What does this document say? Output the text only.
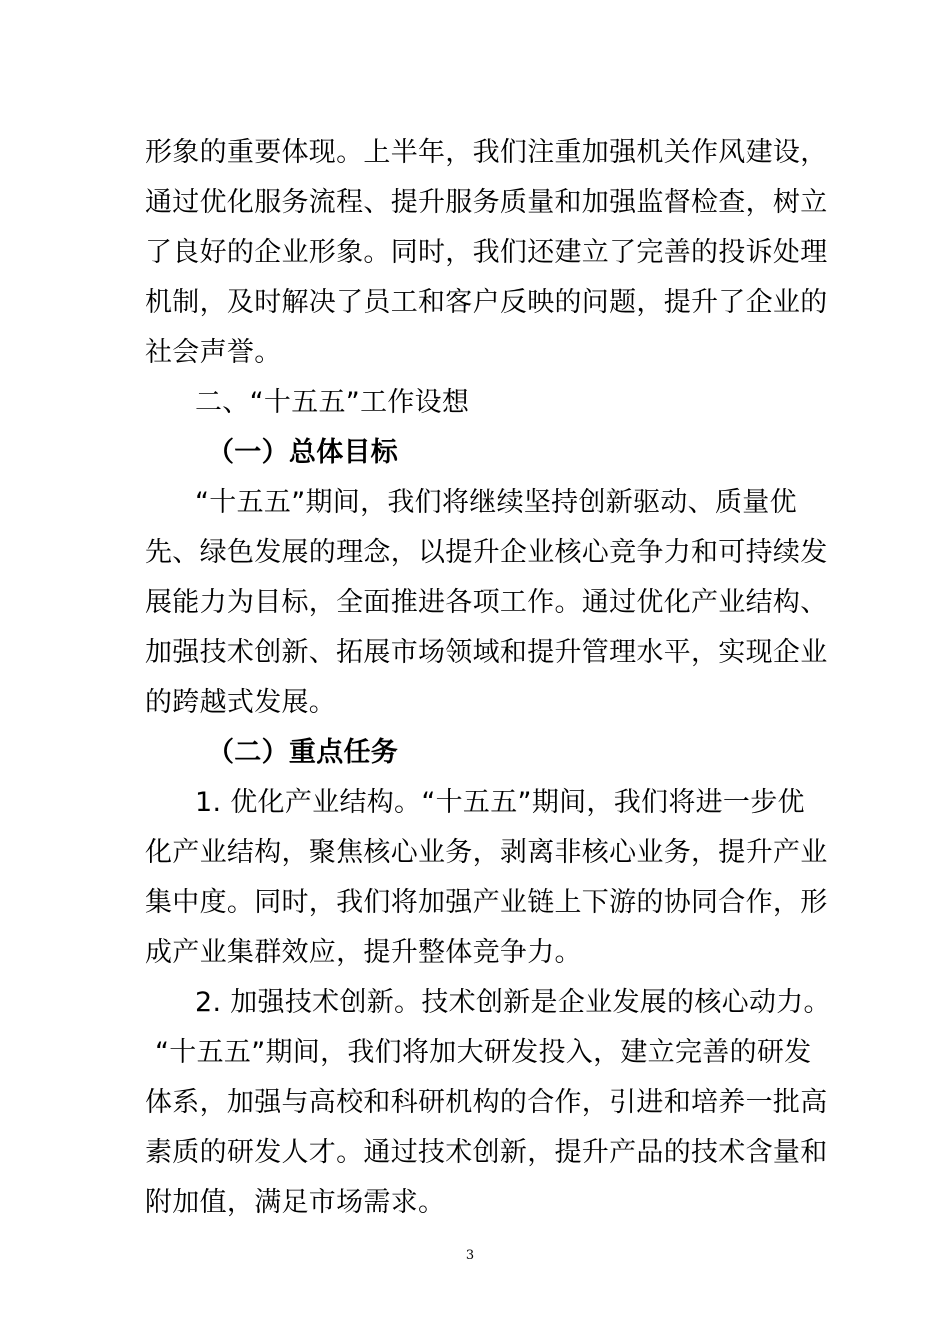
形象的重要体现。上半年，我们注重加强机关作风建设，
通过优化服务流程、提升服务质量和加强监督检查，树立
了良好的企业形象。同时，我们还建立了完善的投诉处理
机制，及时解决了员工和客户反映的问题，提升了企业的
社会声誉。
二、“十五五”工作设想
（一）总体目标
“十五五”期间，我们将继续坚持创新驱动、质量优
先、绿色发展的理念，以提升企业核心竞争力和可持续发
展能力为目标，全面推进各项工作。通过优化产业结构、
加强技术创新、拓展市场领域和提升管理水平，实现企业
的跨越式发展。
（二）重点任务
1. 优化产业结构。“十五五”期间，我们将进一步优
化产业结构，聚焦核心业务，剥离非核心业务，提升产业
集中度。同时，我们将加强产业链上下游的协同合作，形
成产业集群效应，提升整体竞争力。
2. 加强技术创新。技术创新是企业发展的核心动力。
“十五五”期间，我们将加大研发投入，建立完善的研发
体系，加强与高校和科研机构的合作，引进和培养一批高
素质的研发人才。通过技术创新，提升产品的技术含量和
附加值，满足市场需求。
3
